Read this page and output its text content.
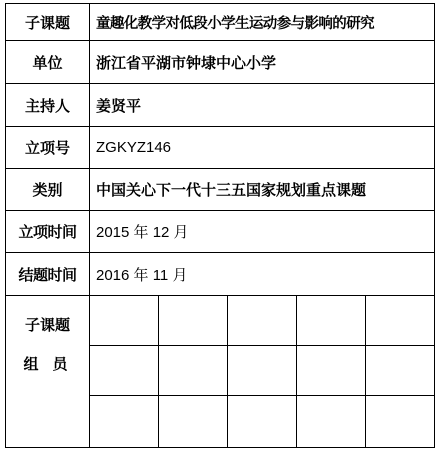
子课题	童趣化教学对低段小学生运动参与影响的研究				
单位	浙江省平湖市钟埭中心小学				
主持人	姜贤平				
立项号	ZGKYZ146				
类别	中国关心下一代十三五国家规划重点课题				
立项时间	2015 年 12 月				
结题时间	2016 年 11 月				

子课题
组员					
